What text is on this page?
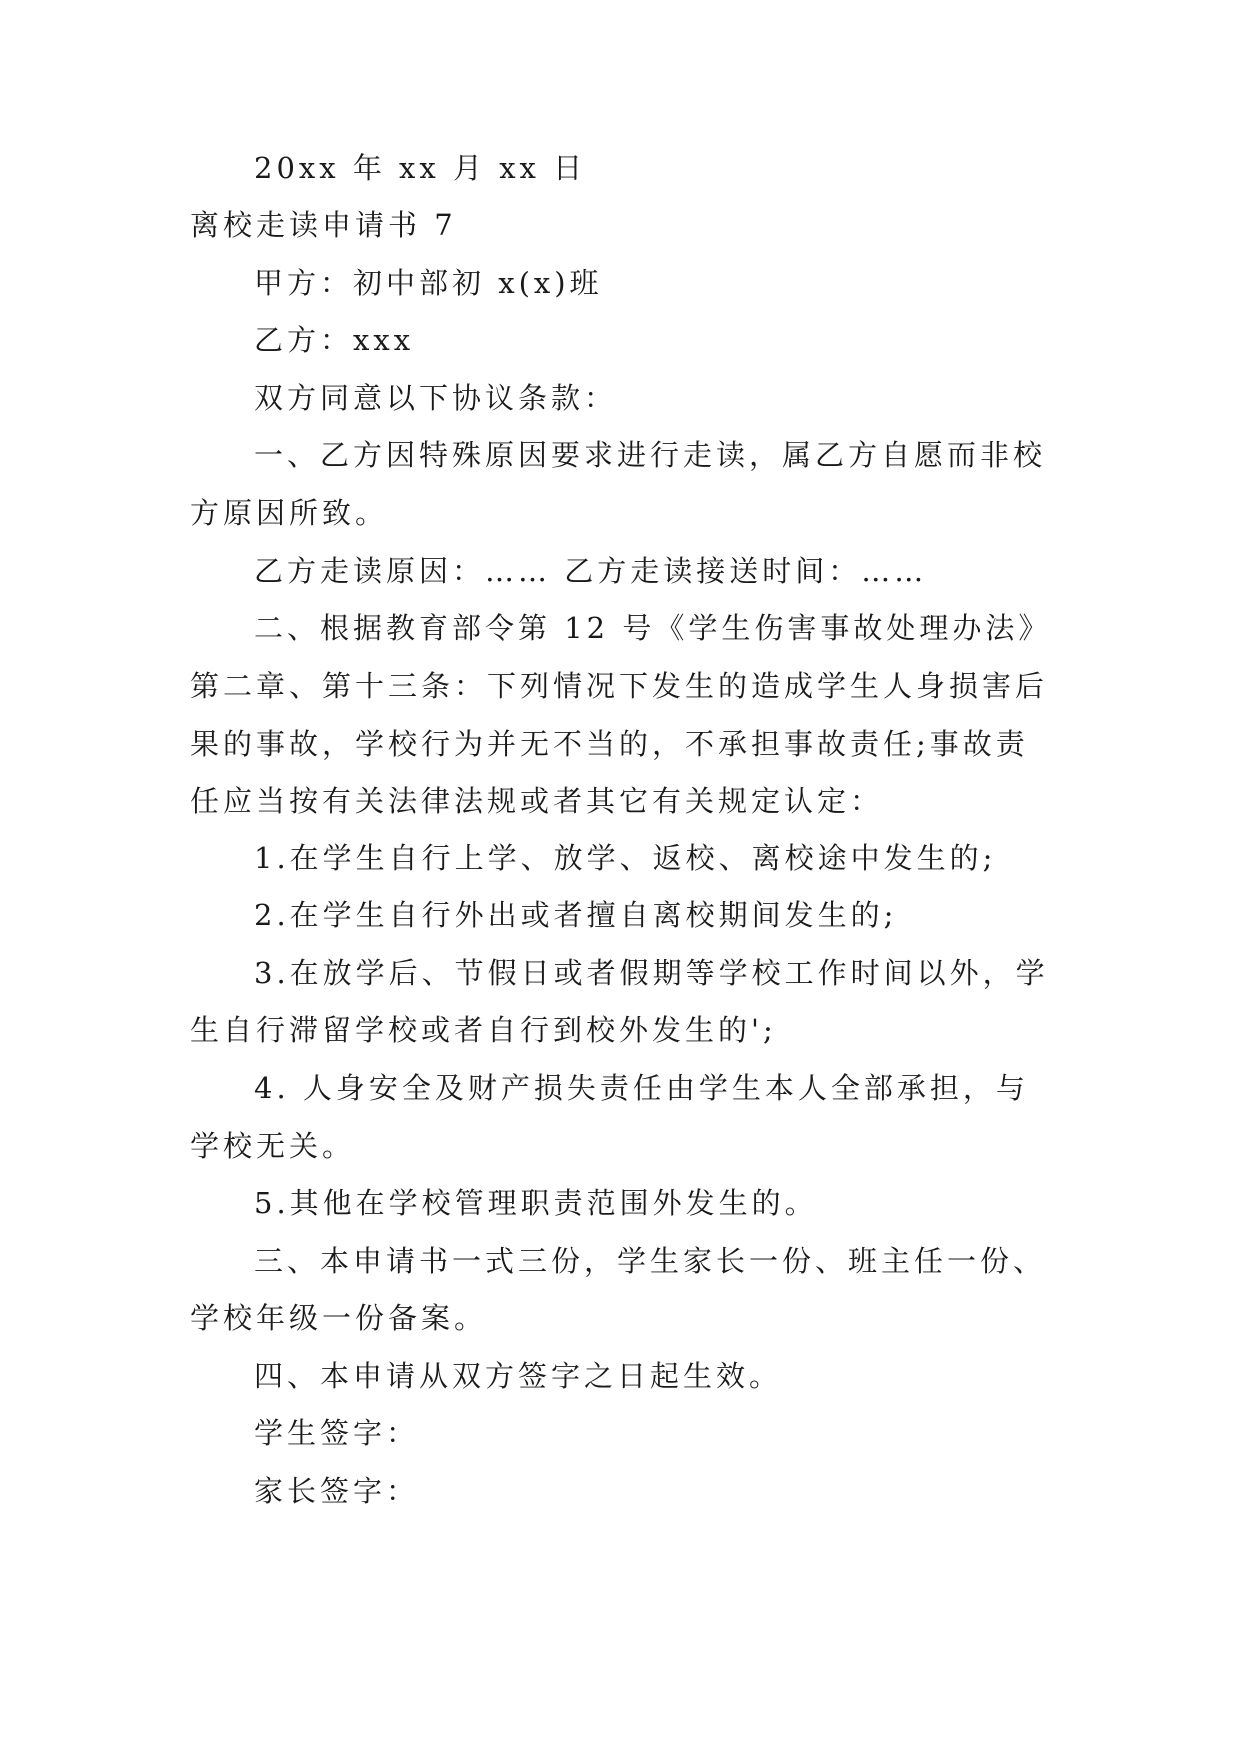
20xx 年 xx 月 xx 日

离校走读申请书 7

甲方：初中部初 x(x)班

乙方：xxx

双方同意以下协议条款：

一、乙方因特殊原因要求进行走读，属乙方自愿而非校

方原因所致。

乙方走读原因：…… 乙方走读接送时间：……

二、根据教育部令第 12 号《学生伤害事故处理办法》

第二章、第十三条：下列情况下发生的造成学生人身损害后

果的事故，学校行为并无不当的，不承担事故责任;事故责

任应当按有关法律法规或者其它有关规定认定：

1.在学生自行上学、放学、返校、离校途中发生的;

2.在学生自行外出或者擅自离校期间发生的;

3.在放学后、节假日或者假期等学校工作时间以外，学

生自行滞留学校或者自行到校外发生的';

4. 人身安全及财产损失责任由学生本人全部承担，与

学校无关。

5.其他在学校管理职责范围外发生的。

三、本申请书一式三份，学生家长一份、班主任一份、

学校年级一份备案。

四、本申请从双方签字之日起生效。

学生签字：

家长签字：
